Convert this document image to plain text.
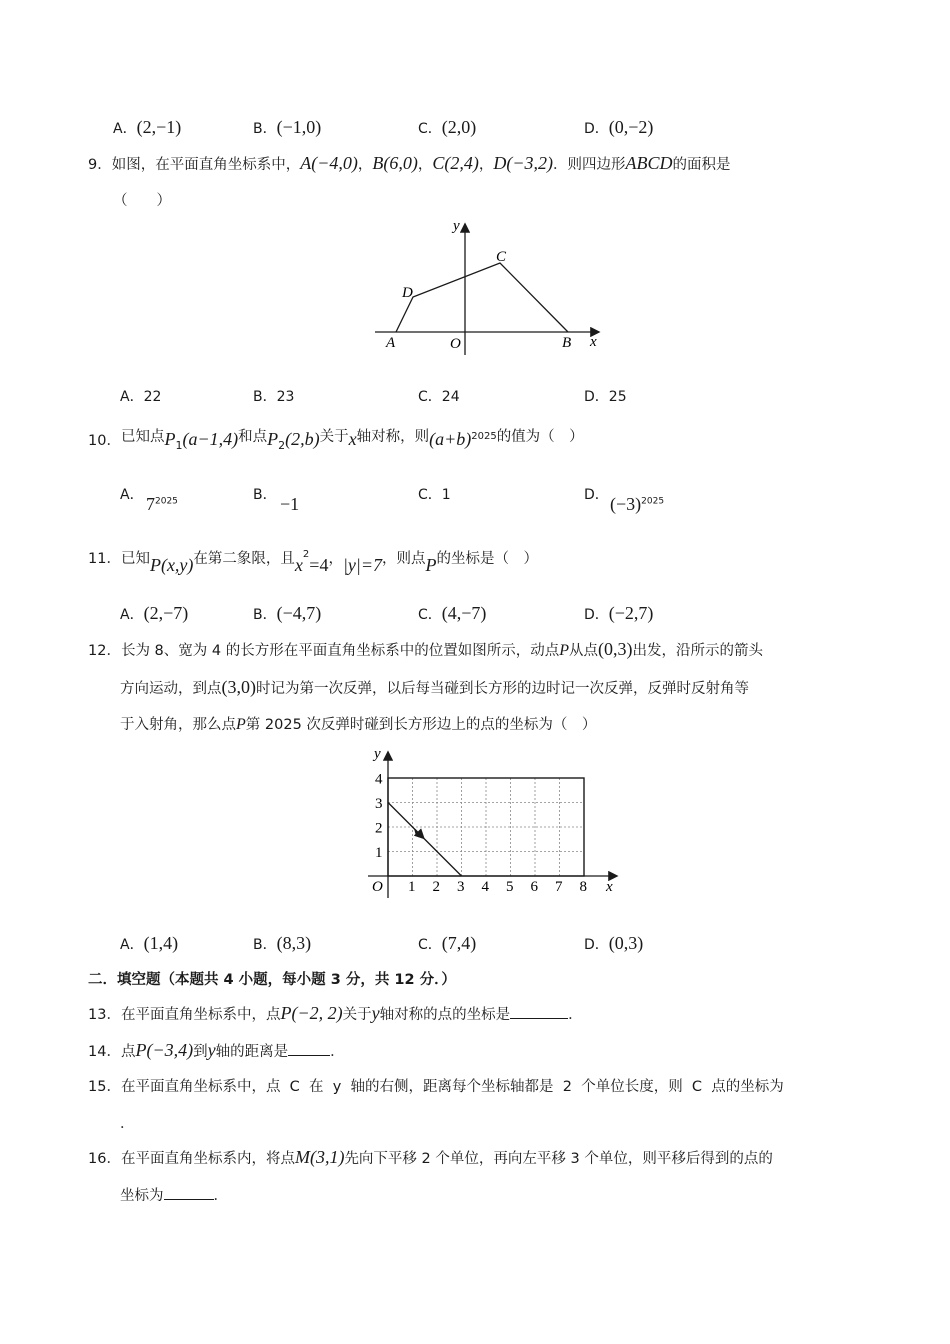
A．(2,−1)	B．(−1,0)	C．(2,0)	D．(0,−2)
9．如图，在平面直角坐标系中，A(−4,0)，B(6,0)，C(2,4)，D(−3,2)．则四边形ABCD的面积是
（　　）
y
x
A	B
C
D
O
A．22	B．23	C．24	D．25
10．已知点$P_1(a-1,4)$和点$P_2(2,b)$关于x轴对称，则$(a+b)^{2025}$的值为（　）
A． $7^{2025}$	B． −1	C．1	D． $(-3)^{2025}$
11．已知P(x,y)在第二象限，且$x^2=4$，|y|=7，则点P的坐标是（　）
A．(2,−7)	B．(−4,7)	C．(4,−7)	D．(−2,7)
12．长为 8、宽为 4 的长方形在平面直角坐标系中的位置如图所示，动点P从点(0,3)出发，沿所示的箭头
方向运动，到点(3,0)时记为第一次反弹，以后每当碰到长方形的边时记一次反弹，反弹时反射角等
于入射角，那么点P第 2025 次反弹时碰到长方形边上的点的坐标为（　）
y
x
O 1 2 3 4 5 6 7 8
1
2
3
4
A．(1,4)	B．(8,3)	C．(7,4)	D．(0,3)
二．填空题（本题共 4 小题，每小题 3 分，共 12 分．）
13．在平面直角坐标系中，点P(−2, 2)关于y轴对称的点的坐标是	．
14．点P(−3,4)到y轴的距离是	．
15．在平面直角坐标系中，点  C  在  y  轴的右侧，距离每个坐标轴都是  2  个单位长度，则  C  点的坐标为
．
16．在平面直角坐标系内，将点M(3,1)先向下平移 2 个单位，再向左平移 3 个单位，则平移后得到的点的
坐标为	．
